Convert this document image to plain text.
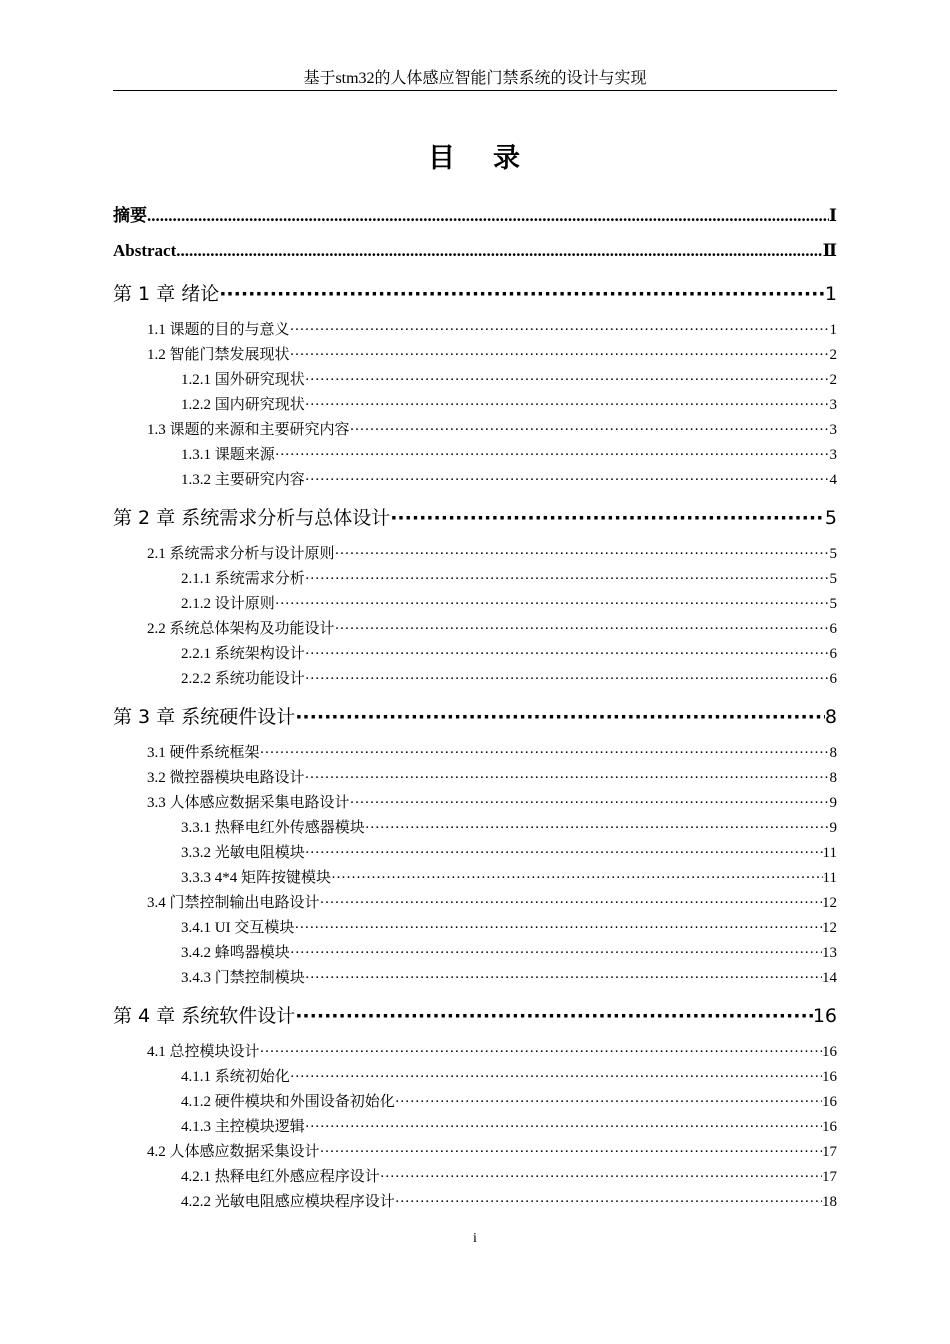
基于stm32的人体感应智能门禁系统的设计与实现
目 录
摘要 .....	Ⅰ
Abstract .....	Ⅱ
第 1 章 绪论 ·····	1
1.1 课题的目的与意义 ·····	1
1.2 智能门禁发展现状 ·····	2
1.2.1 国外研究现状 ·····	2
1.2.2 国内研究现状 ·····	3
1.3 课题的来源和主要研究内容 ·····	3
1.3.1 课题来源 ·····	3
1.3.2 主要研究内容 ·····	4
第 2 章 系统需求分析与总体设计 ·····	5
2.1 系统需求分析与设计原则 ·····	5
2.1.1 系统需求分析 ·····	5
2.1.2 设计原则 ·····	5
2.2 系统总体架构及功能设计 ·····	6
2.2.1 系统架构设计 ·····	6
2.2.2 系统功能设计 ·····	6
第 3 章 系统硬件设计 ·····	8
3.1 硬件系统框架 ·····	8
3.2 微控器模块电路设计 ·····	8
3.3 人体感应数据采集电路设计 ·····	9
3.3.1 热释电红外传感器模块 ·····	9
3.3.2 光敏电阻模块 ·····	11
3.3.3 4*4 矩阵按键模块 ·····	11
3.4 门禁控制输出电路设计 ·····	12
3.4.1 UI 交互模块 ·····	12
3.4.2 蜂鸣器模块 ·····	13
3.4.3 门禁控制模块 ·····	14
第 4 章 系统软件设计 ·····	16
4.1 总控模块设计 ·····	16
4.1.1 系统初始化 ·····	16
4.1.2 硬件模块和外围设备初始化 ·····	16
4.1.3 主控模块逻辑 ·····	16
4.2 人体感应数据采集设计 ·····	17
4.2.1 热释电红外感应程序设计 ·····	17
4.2.2 光敏电阻感应模块程序设计 ·····	18
i
